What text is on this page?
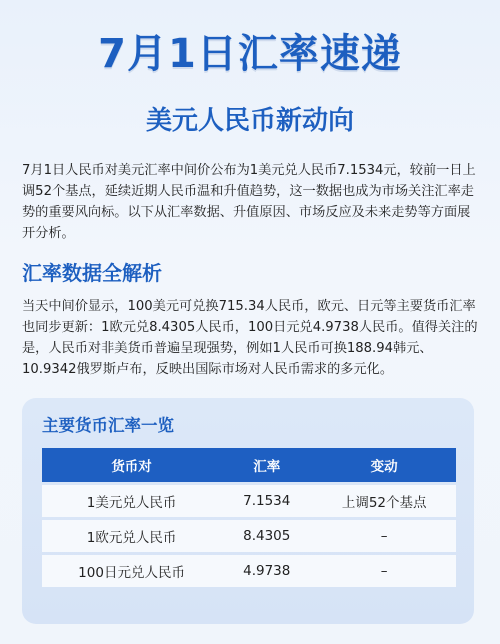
7月1日汇率速递
美元人民币新动向

7月1日人民币对美元汇率中间价公布为1美元兑人民币7.1534元，较前一日上调52个基点，延续近期人民币温和升值趋势，这一数据也成为市场关注汇率走势的重要风向标。以下从汇率数据、升值原因、市场反应及未来走势等方面展开分析。

汇率数据全解析

当天中间价显示，100美元可兑换715.34人民币，欧元、日元等主要货币汇率也同步更新：1欧元兑8.4305人民币，100日元兑4.9738人民币。值得关注的是，人民币对非美货币普遍呈现强势，例如1人民币可换188.94韩元、10.9342俄罗斯卢布，反映出国际市场对人民币需求的多元化。

主要货币汇率一览
货币对	汇率	变动
1美元兑人民币	7.1534	上调52个基点
1欧元兑人民币	8.4305	–
100日元兑人民币	4.9738	–
